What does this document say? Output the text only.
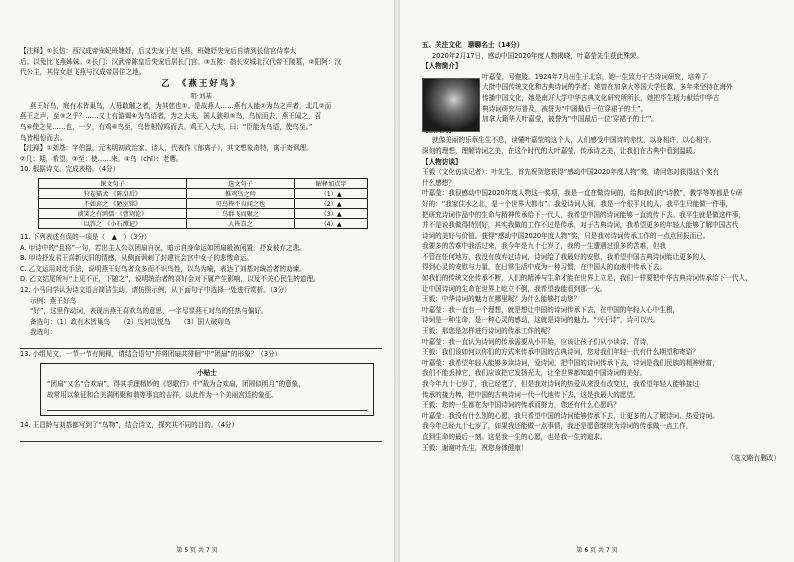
【注释】①长信：西汉成帝宠妃班婕妤，后又失宠于赵飞燕，班婕妤失宠后自请到长信宫侍奉太
后。以兔比飞燕姊妹。②长门：汉武帝陈皇后失宠后居长门宫。③五陵：指长安城北汉代帝王陵墓，②阳阿：汉
代公主，其侍女赵飞燕与汉成帝居住之地。
乙　《燕王好鸟》
明·刘基
燕王好鸟，庭有木皆巢鸟，人毋敢触之者，为其慈也①。是故燕人……燕有人能②为鸟之声者，北几②而
燕王之声，至③之乎？……又士有游谒④为鸟语者，为之大夫，国人狭卯⑤鸟，鸟惊而去，燕王闻之，召
鸟⑥使之见……也，一夕，有鸡⑥鸟至，鸟皆相惊鸣而去。鸡王入大夫，曰：“臣能为鸟语，使鸟至。”
鸟皆相惊而去。
【注释】①刘基：字伯温，元末明初政治家、诗人，代表作《郁离子》，其文想象奇特，寓于寄讽理。
②几：期，希望。③至：使……来。④鸟（chī）：老鹰。
10. 根据诗文，完成表格。（4分）
课文句子	选文句子	解释加点字
狩卷猫犬 《陈皇后》	推鸡鸟之吟	（1）▲
不如弃之 《陋室铭》	可鸟皆不良闻之也	（2）▲
谈笑之有鸿儒 《曹刿论》	鸟群飞而聚之	（3）▲
以答之 《小石潭记》	人皆喜之	（4）▲
11. 下列表述有误的一项是（　▲　）（3分）
A. 甲诗中的“且将”一句，若出主人公以团扇自况，暗示自身命运如团扇般被闲置，抒发被弃之悲。
B. 甲诗抒发君王喜新厌旧的情感，从侧面讽刺了封建社会宫中女子的悲惨命运。
C. 乙文运用对比手法，说明燕王好鸟者众多而不识鸟性，以鸟为喻，表达了刘基对统治者的劝谏。
D. 乙文结尾所写“上见不正，下随之”，说明统治者的喜好会对下属产生影响，以及不关心民生的道理。
12. 小马同学认为诗文语言简洁生动，请仿照示例，从下面句子中选择一处进行赏析。（3分）
示例：燕王好鸟
“好”，这里作动词，表现出燕王喜欢鸟的意思，一字尽显燕王对鸟的狂热与偏好。
备选句：（1）政有木皆巢鸟　　（2）鸟何以悦鸟　　（3）国人破卯鸟
我选句：
13. 小组见文，一节一节有阐释，请结合语句“并将团扇共徘徊”中“团扇”的形象？（3分）
小贴士
“团扇”又名“合欢扇”，得其手理精妙的《怨歌行》中“裁为合欢扇，团圆似明月”的意象，
故常用以象征和合美满团聚和谐等事宜的吉祥，以此作为一个美丽宫廷的象征。
14. 王昌龄与刘基都写到了“鸟物”，结合诗文，探究其不同的目的。（4分）
第 5 页 共 7 页
五、关注文化　聊聊名士（14分）
2020年2月17日，感动中国2020年度人物揭晓，叶嘉莹先生获此殊荣。
【人物简介】
叶嘉莹，号迦陵。1924年7月出生于北京，她一生致力于古诗词研究，培养了
大批中国传统文化和古典诗词的学者；她曾在加拿大等国大学任教，多年来坚持在海外
传播中国文化，她是南开大学中华古典文化研究所所长，她把毕生精力献给中华古
典诗词研究与普及，被誉为“中国最后一位穿裙子的士”。
加拿大籍华人叶嘉莹，被誉为“中国最后一位‘穿裙子的士’”。
就像美丽的乐章生生不息，读懂叶嘉莹的这个人，人们感受中国诗的赤忱，以身相许，以心相守。
深刻的理想，理解诗词之美，在这个时代的大叶嘉莹，传承诗之美，让我们在古典中看到温暖。
【人物访谈】
王毅（文化访谈记者）：叶先生，首先祝贺您获得“感动中国2020年度人物”奖，请问您对获得这个奖有
什么感想？
叶嘉莹：我很感动中国2020年度人物这一奖项，我是一直在做诗词的，给和我们的“诗教”，教学等等都是专研
好的：“我家住水之北，是一个世界大都市”。我爱诗词人间，我是一个很平凡的人，我平生只能做一件事，
把研究诗词作品中的生命与精神传承给下一代人，我希望中国的诗词能够一直流传下去。我平生就是做这件事，
并不是说我做得特别好，其实我做的工作不过是传承，对于古典诗词，我希望更多的年轻人能够了解中国古代
诗词的美好与价值。获得“感动中国2020年度人物”奖，只是我对诗词传承工作的一点点回报而已。
我要多的苦难中我活过来，我今年是九十七岁了，我的一生遭遇过很多的苦难，但我
不管在任何地方，我没有放弃过诗词，诗词给了我最好的安慰，我希望中国古典诗词能让更多的人
得到心灵的安慰与力量，在日常生活中成为一种习惯，在中国人的血液中传承下去。
如我们的传统文化传承不断，人们的精神与生命才能在世界上立足，我们一样要把中华古典诗词传承给下一代人，
让中国诗词的生命在世界上屹立不倒，我希望我能看到那一天。
王毅：中华诗词的魅力在哪里呢？为什么能够打动您？
叶嘉莹：我一直有一个理想，就是想让中国的诗词传承下去，在中国的年轻人心中生根，
诗词是一种生命，是一种心灵的感动，这就是诗词的魅力。“兴于诗”，诗可以兴。
王毅：那您是怎样进行诗词的传承工作的呢？
叶嘉莹：我一直认为诗词的传承需要从小开始，应该让孩子们从小读诗、背诗，
王毅：我们该如何以你们的方式来传承中国的古典诗词，您对我们年轻一代有什么期望和寄语？
叶嘉莹：我希望年轻人能够多读诗词，爱诗词，把中国的诗词传承下去，诗词是我们民族的精神财富，
我们不能丢掉它，我们应该把它发扬光大，让全世界都知道中国诗词的美好。
我今年九十七岁了，我已经老了，但是我对诗词的热爱从来没有改变过，我希望年轻人能够接过
传承的接力棒，把中国的古典诗词一代一代地传下去，这是我最大的愿望。
王毅：您的一生都在为中国诗词的传承而努力，您还有什么心愿吗？
叶嘉莹：我没有什么别的心愿，我只希望中国的诗词能够传承下去，让更多的人了解诗词、热爱诗词。
我今年已经九十七岁了，如果我还能做一点事情，我还是愿意继续为诗词的传承做一点工作，
直到生命的最后一刻。这是我一生的心愿，也是我一生的追求。
王毅：谢谢叶先生，祝您身体健康！
（选文略有删改）
第 6 页 共 7 页
